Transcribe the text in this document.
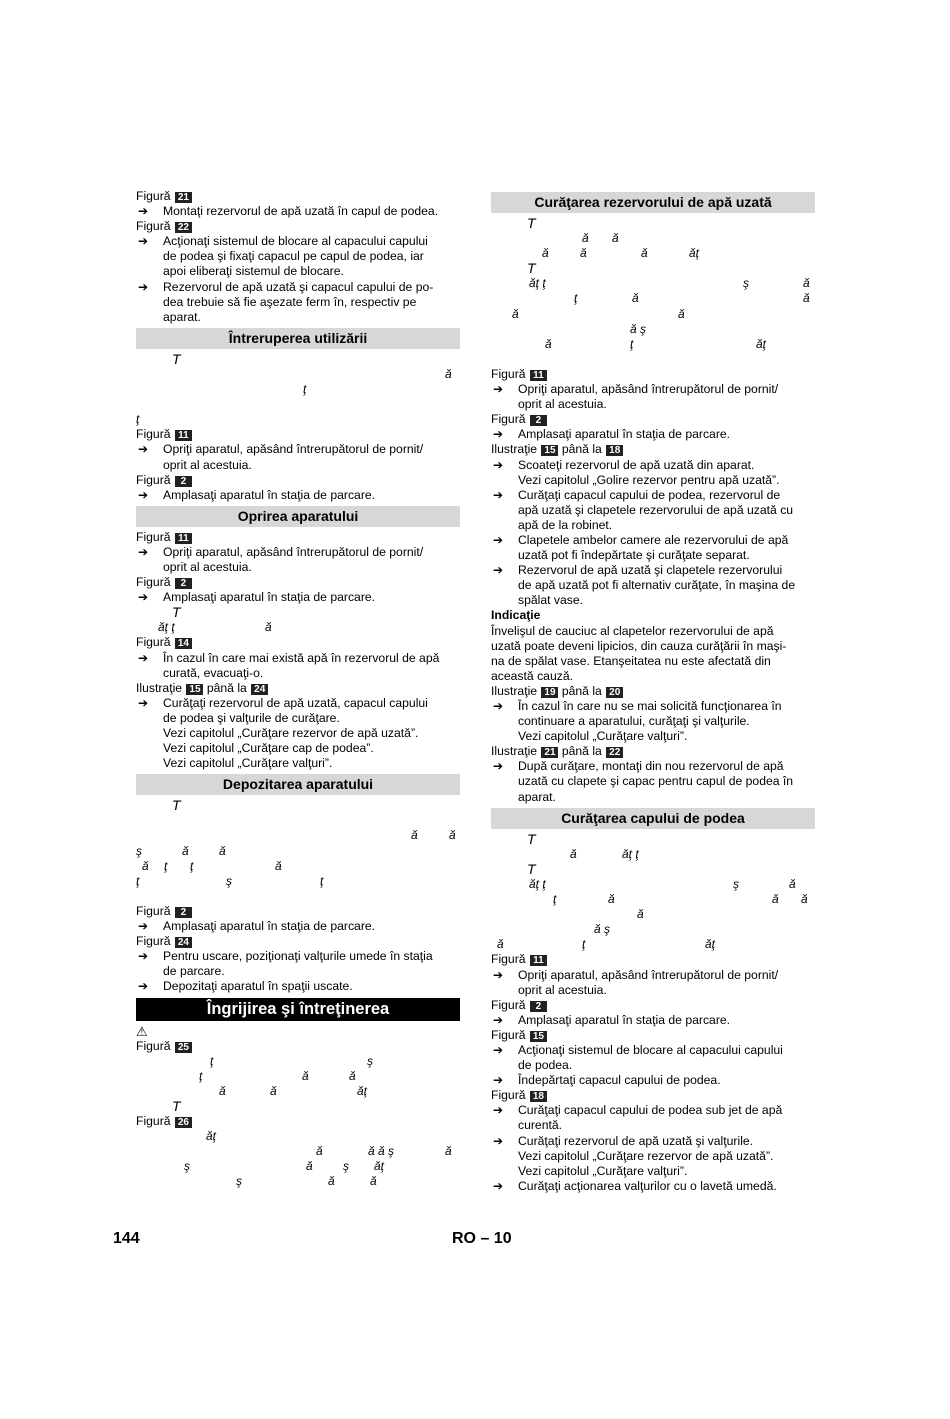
Figură 21
➔ Montaţi rezervorul de apă uzată în capul de podea.
Figură 22
➔ Acţionaţi sistemul de blocare al capacului capului
de podea şi fixaţi capacul pe capul de podea, iar
apoi eliberaţi sistemul de blocare.
➔ Rezervorul de apă uzată şi capacul capului de po-
dea trebuie să fie aşezate ferm în, respectiv pe
aparat.
Întreruperea utilizării
T
ă
ţ
ţ
Figură 11
➔ Opriţi aparatul, apăsând întrerupătorul de pornit/
oprit al acestuia.
Figură 2
➔ Amplasaţi aparatul în staţia de parcare.
Oprirea aparatului
Figură 11
➔ Opriţi aparatul, apăsând întrerupătorul de pornit/
oprit al acestuia.
Figură 2
➔ Amplasaţi aparatul în staţia de parcare.
T
ăţ ţ	ă
Figură 14
➔ În cazul în care mai există apă în rezervorul de apă
curată, evacuaţi-o.
Ilustraţie 15 până la 24
➔ Curăţaţi rezervorul de apă uzată, capacul capului
de podea şi valţurile de curăţare.
Vezi capitolul „Curăţare rezervor de apă uzată”.
Vezi capitolul „Curăţare cap de podea”.
Vezi capitolul „Curăţare valţuri”.
Depozitarea aparatului
T
ă	ă
ş	ă	ă
ă ţ ţ	ă
ţ	ş	ţ
Figură 2
➔ Amplasaţi aparatul în staţia de parcare.
Figură 24
➔ Pentru uscare, poziţionaţi valţurile umede în staţia
de parcare.
➔ Depozitaţi aparatul în spaţii uscate.
Îngrijirea şi întreţinerea
⚠
Figură 25
ţ	ş
ţ	ă	ă
ă	ă	ăţ
T
Figură 26
ăţ
ă	ă ă ş	ă
ş	ă	ş ăţ
ş	ă	ă
Curăţarea rezervorului de apă uzată
T
ă ă
ă	ă	ă	ăţ
T
ăţ ţ	ş	ă
ţ	ă	ă
ă	ă
ă ş
ă	ţ	ăţ
Figură 11
➔ Opriţi aparatul, apăsând întrerupătorul de pornit/
oprit al acestuia.
Figură 2
➔ Amplasaţi aparatul în staţia de parcare.
Ilustraţie 15 până la 18
➔ Scoateţi rezervorul de apă uzată din aparat.
Vezi capitolul „Golire rezervor pentru apă uzată”.
➔ Curăţaţi capacul capului de podea, rezervorul de
apă uzată şi clapetele rezervorului de apă uzată cu
apă de la robinet.
➔ Clapetele ambelor camere ale rezervorului de apă
uzată pot fi îndepărtate şi curăţate separat.
➔ Rezervorul de apă uzată şi clapetele rezervorului
de apă uzată pot fi alternativ curăţate, în maşina de
spălat vase.
Indicaţie
Învelişul de cauciuc al clapetelor rezervorului de apă
uzată poate deveni lipicios, din cauza curăţării în maşi-
na de spălat vase. Etanşeitatea nu este afectată din
această cauză.
Ilustraţie 19 până la 20
➔ În cazul în care nu se mai solicită funcţionarea în
continuare a aparatului, curăţaţi şi valţurile.
Vezi capitolul „Curăţare valţuri”.
Ilustraţie 21 până la 22
➔ După curăţare, montaţi din nou rezervorul de apă
uzată cu clapete şi capac pentru capul de podea în
aparat.
Curăţarea capului de podea
T
ă	ăţ ţ
T
ăţ ţ	ş	ă
ţ	ă	ă ă
ă
ă ş
ă	ţ	ăţ
Figură 11
➔ Opriţi aparatul, apăsând întrerupătorul de pornit/
oprit al acestuia.
Figură 2
➔ Amplasaţi aparatul în staţia de parcare.
Figură 15
➔ Acţionaţi sistemul de blocare al capacului capului
de podea.
➔ Îndepărtaţi capacul capului de podea.
Figură 18
➔ Curăţaţi capacul capului de podea sub jet de apă
curentă.
➔ Curăţaţi rezervorul de apă uzată şi valţurile.
Vezi capitolul „Curăţare rezervor de apă uzată”.
Vezi capitolul „Curăţare valţuri”.
➔ Curăţaţi acţionarea valţurilor cu o lavetă umedă.
144	RO – 10
